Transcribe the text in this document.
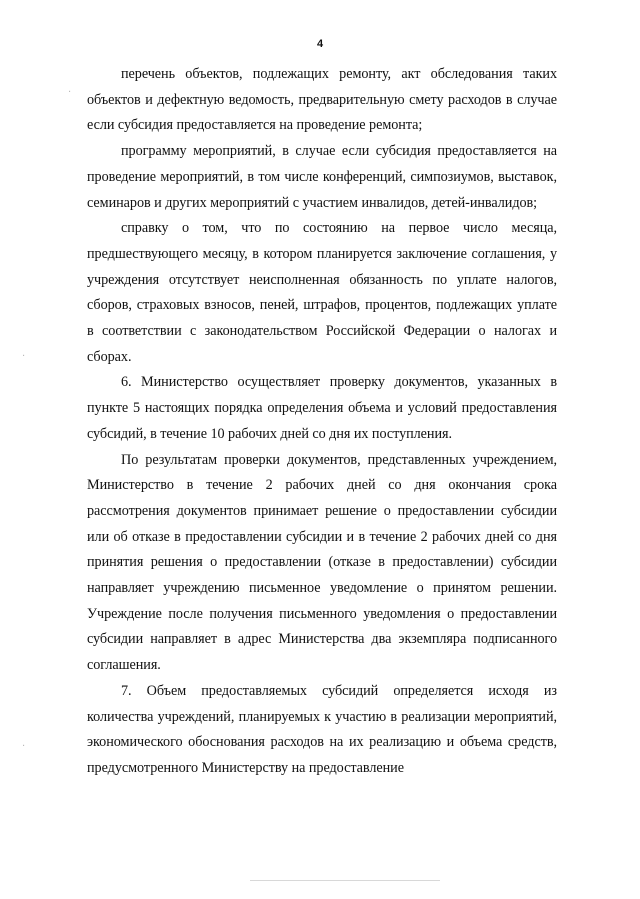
4

перечень объектов, подлежащих ремонту, акт обследования таких объектов и дефектную ведомость, предварительную смету расходов в случае если субсидия предоставляется на проведение ремонта;

программу мероприятий, в случае если субсидия предоставляется на проведение мероприятий, в том числе конференций, симпозиумов, выставок, семинаров и других мероприятий с участием инвалидов, детей-инвалидов;

справку о том, что по состоянию на первое число месяца, предшествующего месяцу, в котором планируется заключение соглашения, у учреждения отсутствует неисполненная обязанность по уплате налогов, сборов, страховых взносов, пеней, штрафов, процентов, подлежащих уплате в соответствии с законодательством Российской Федерации о налогах и сборах.

6. Министерство осуществляет проверку документов, указанных в пункте 5 настоящих порядка определения объема и условий предоставления субсидий, в течение 10 рабочих дней со дня их поступления.

По результатам проверки документов, представленных учреждением, Министерство в течение 2 рабочих дней со дня окончания срока рассмотрения документов принимает решение о предоставлении субсидии или об отказе в предоставлении субсидии и в течение 2 рабочих дней со дня принятия решения о предоставлении (отказе в предоставлении) субсидии направляет учреждению письменное уведомление о принятом решении. Учреждение после получения письменного уведомления о предоставлении субсидии направляет в адрес Министерства два экземпляра подписанного соглашения.

7. Объем предоставляемых субсидий определяется исходя из количества учреждений, планируемых к участию в реализации мероприятий, экономического обоснования расходов на их реализацию и объема средств, предусмотренного Министерству на предоставление

·
·
·
